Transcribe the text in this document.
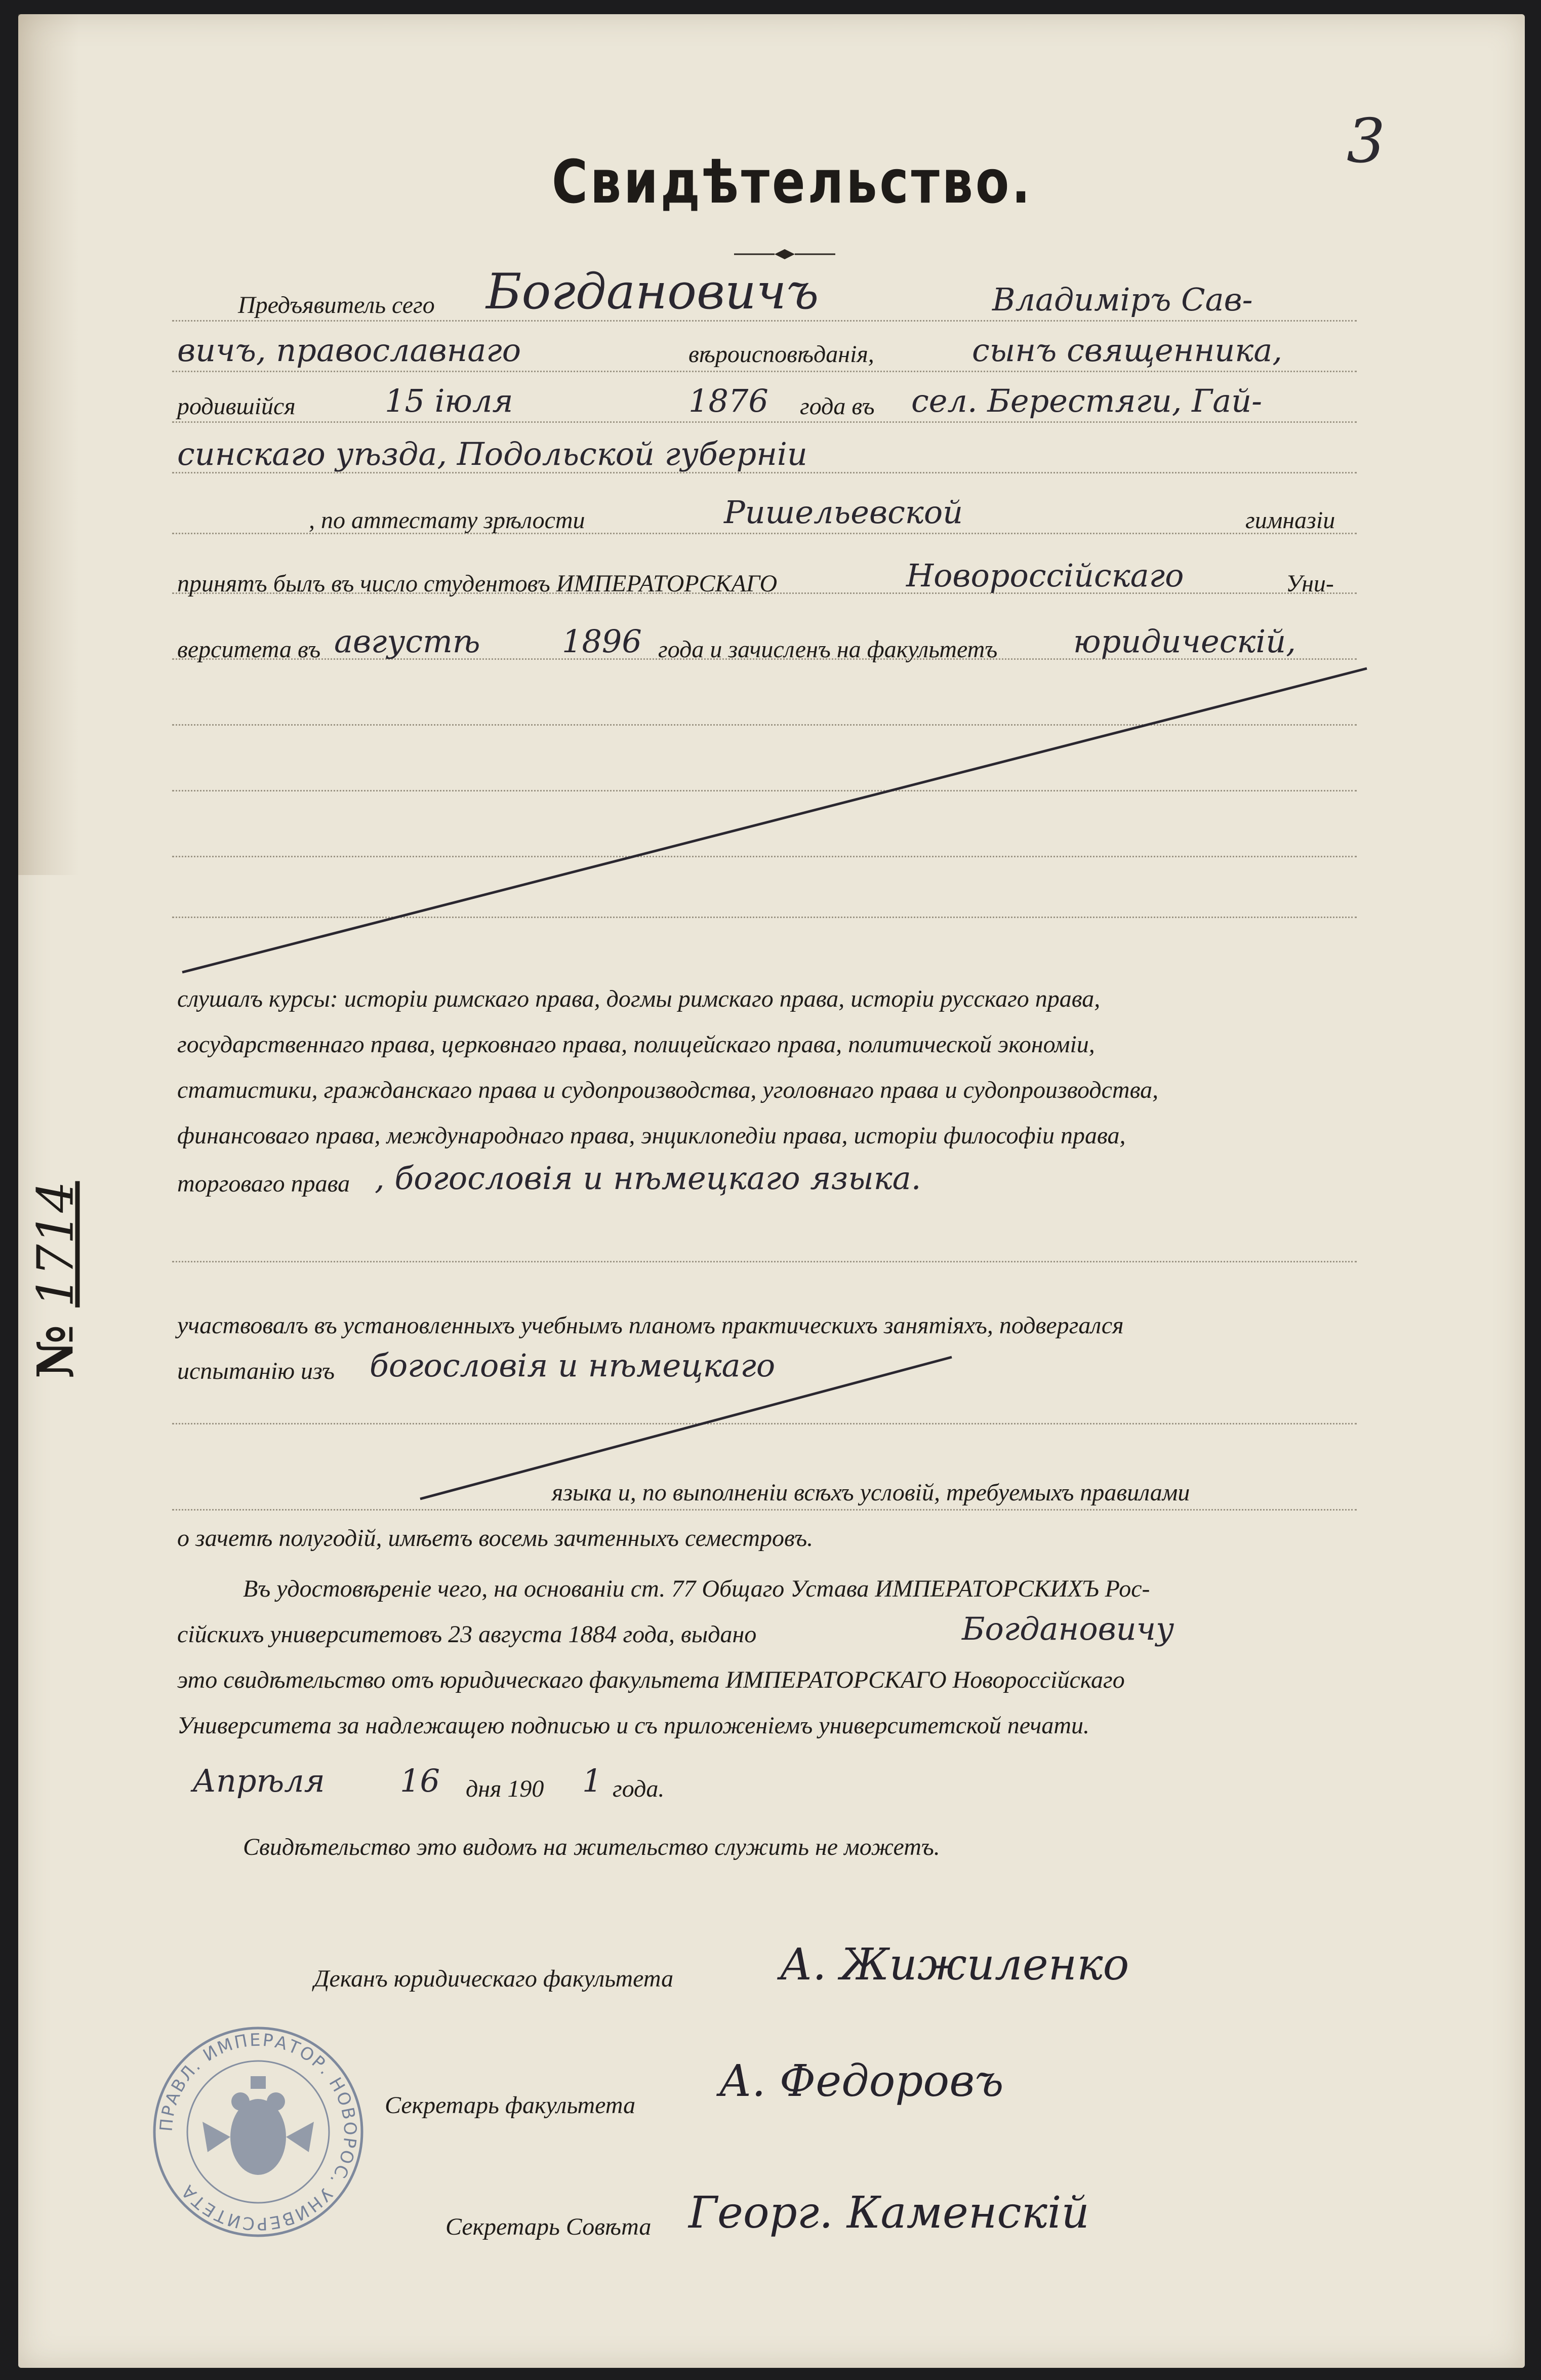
3
Свидѣтельство.
Предъявитель сего Богдановичъ	Владимiръ Сав-
вичъ, православнаго	вѣроисповѣданія,	сынъ священника,
родившійся	15 іюля	1876 года въ сел. Берестяги, Гай-
синскаго уѣзда, Подольской губерніи
, по аттестату зрѣлости	Ришельевской	гимназіи
принятъ былъ въ число студентовъ ИМПЕРАТОРСКАГО	Новороссійскаго	Уни-
верситета въ августѣ	1896 года и зачисленъ на факультетъ юридическій,
слушалъ курсы: исторіи римскаго права, догмы римскаго права, исторіи русскаго права,
государственнаго права, церковнаго права, полицейскаго права, политической экономіи,
статистики, гражданскаго права и судопроизводства, уголовнаго права и судопроизводства,
финансоваго права, международнаго права, энциклопедіи права, исторіи философіи права,
торговаго права , богословія и нѣмецкаго языка.
участвовалъ въ установленныхъ учебнымъ планомъ практическихъ занятіяхъ, подвергался
испытанію изъ богословія и нѣмецкаго
языка и, по выполненіи всѣхъ условій, требуемыхъ правилами
о зачетѣ полугодій, имѣетъ восемь зачтенныхъ семестровъ.
Въ удостовѣреніе чего, на основаніи ст. 77 Общаго Устава ИМПЕРАТОРСКИХЪ Рос-
сійскихъ университетовъ 23 августа 1884 года, выдано	Богдановичу
это свидѣтельство отъ юридическаго факультета ИМПЕРАТОРСКАГО Новороссійскаго
Университета за надлежащею подписью и съ приложеніемъ университетской печати.
Апрѣля 16 дня 190 1 года.
Свидѣтельство это видомъ на жительство служить не можетъ.
Деканъ юридическаго факультета А. Жижиленко
Секретарь факультета А. Федоровъ
Секретарь Совѣта Георг. Каменскій
№ 1714
ПРАВЛ. ИМПЕРАТОР. НОВОРОС. УНИВЕРСИТЕТА
